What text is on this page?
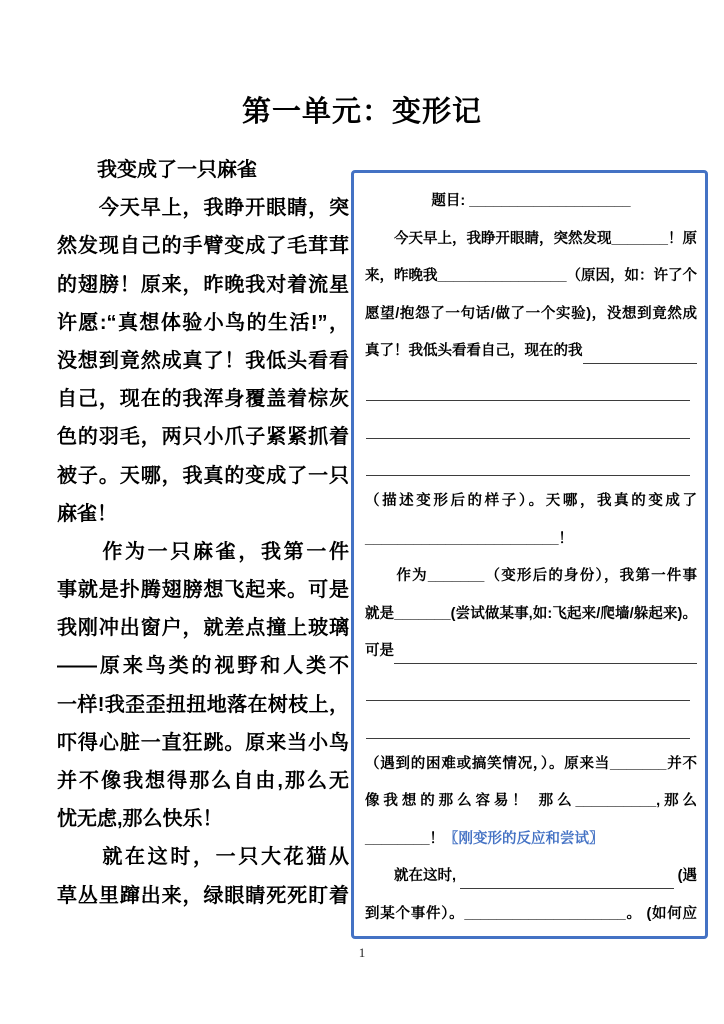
第一单元：变形记
　　我变成了一只麻雀
　　今天早上，我睁开眼睛，突
然发现自己的手臂变成了毛茸茸
的翅膀！原来，昨晚我对着流星
许愿:“真想体验小鸟的生活!”，
没想到竟然成真了！我低头看看
自己，现在的我浑身覆盖着棕灰
色的羽毛，两只小爪子紧紧抓着
被子。天哪，我真的变成了一只
麻雀！
　　作为一只麻雀，我第一件
事就是扑腾翅膀想飞起来。可是
我刚冲出窗户，就差点撞上玻璃
——原来鸟类的视野和人类不
一样!我歪歪扭扭地落在树枝上，
吓得心脏一直狂跳。原来当小鸟
并不像我想得那么自由,那么无
忧无虑,那么快乐！
　　就在这时，一只大花猫从
草丛里蹿出来，绿眼睛死死盯着
题目: ____________________
　　今天早上，我睁开眼睛，突然发现_______！原
来，昨晚我________________（原因，如：许了个
愿望/抱怨了一句话/做了一个实验)，没想到竟然成
真了！我低头看看自己，现在的我
（描述变形后的样子）。天哪，我真的变成了
________________________！
　　作为_______（变形后的身份），我第一件事
就是_______(尝试做某事,如:飞起来/爬墙/躲起来)。
可是
（遇到的困难或搞笑情况，）。原来当_______并不
像我想的那么容易！ 那么__________,那么
________！〖刚变形的反应和尝试〗
　　就在这时,	(遇
到某个事件）。____________________。 (如何应
1
